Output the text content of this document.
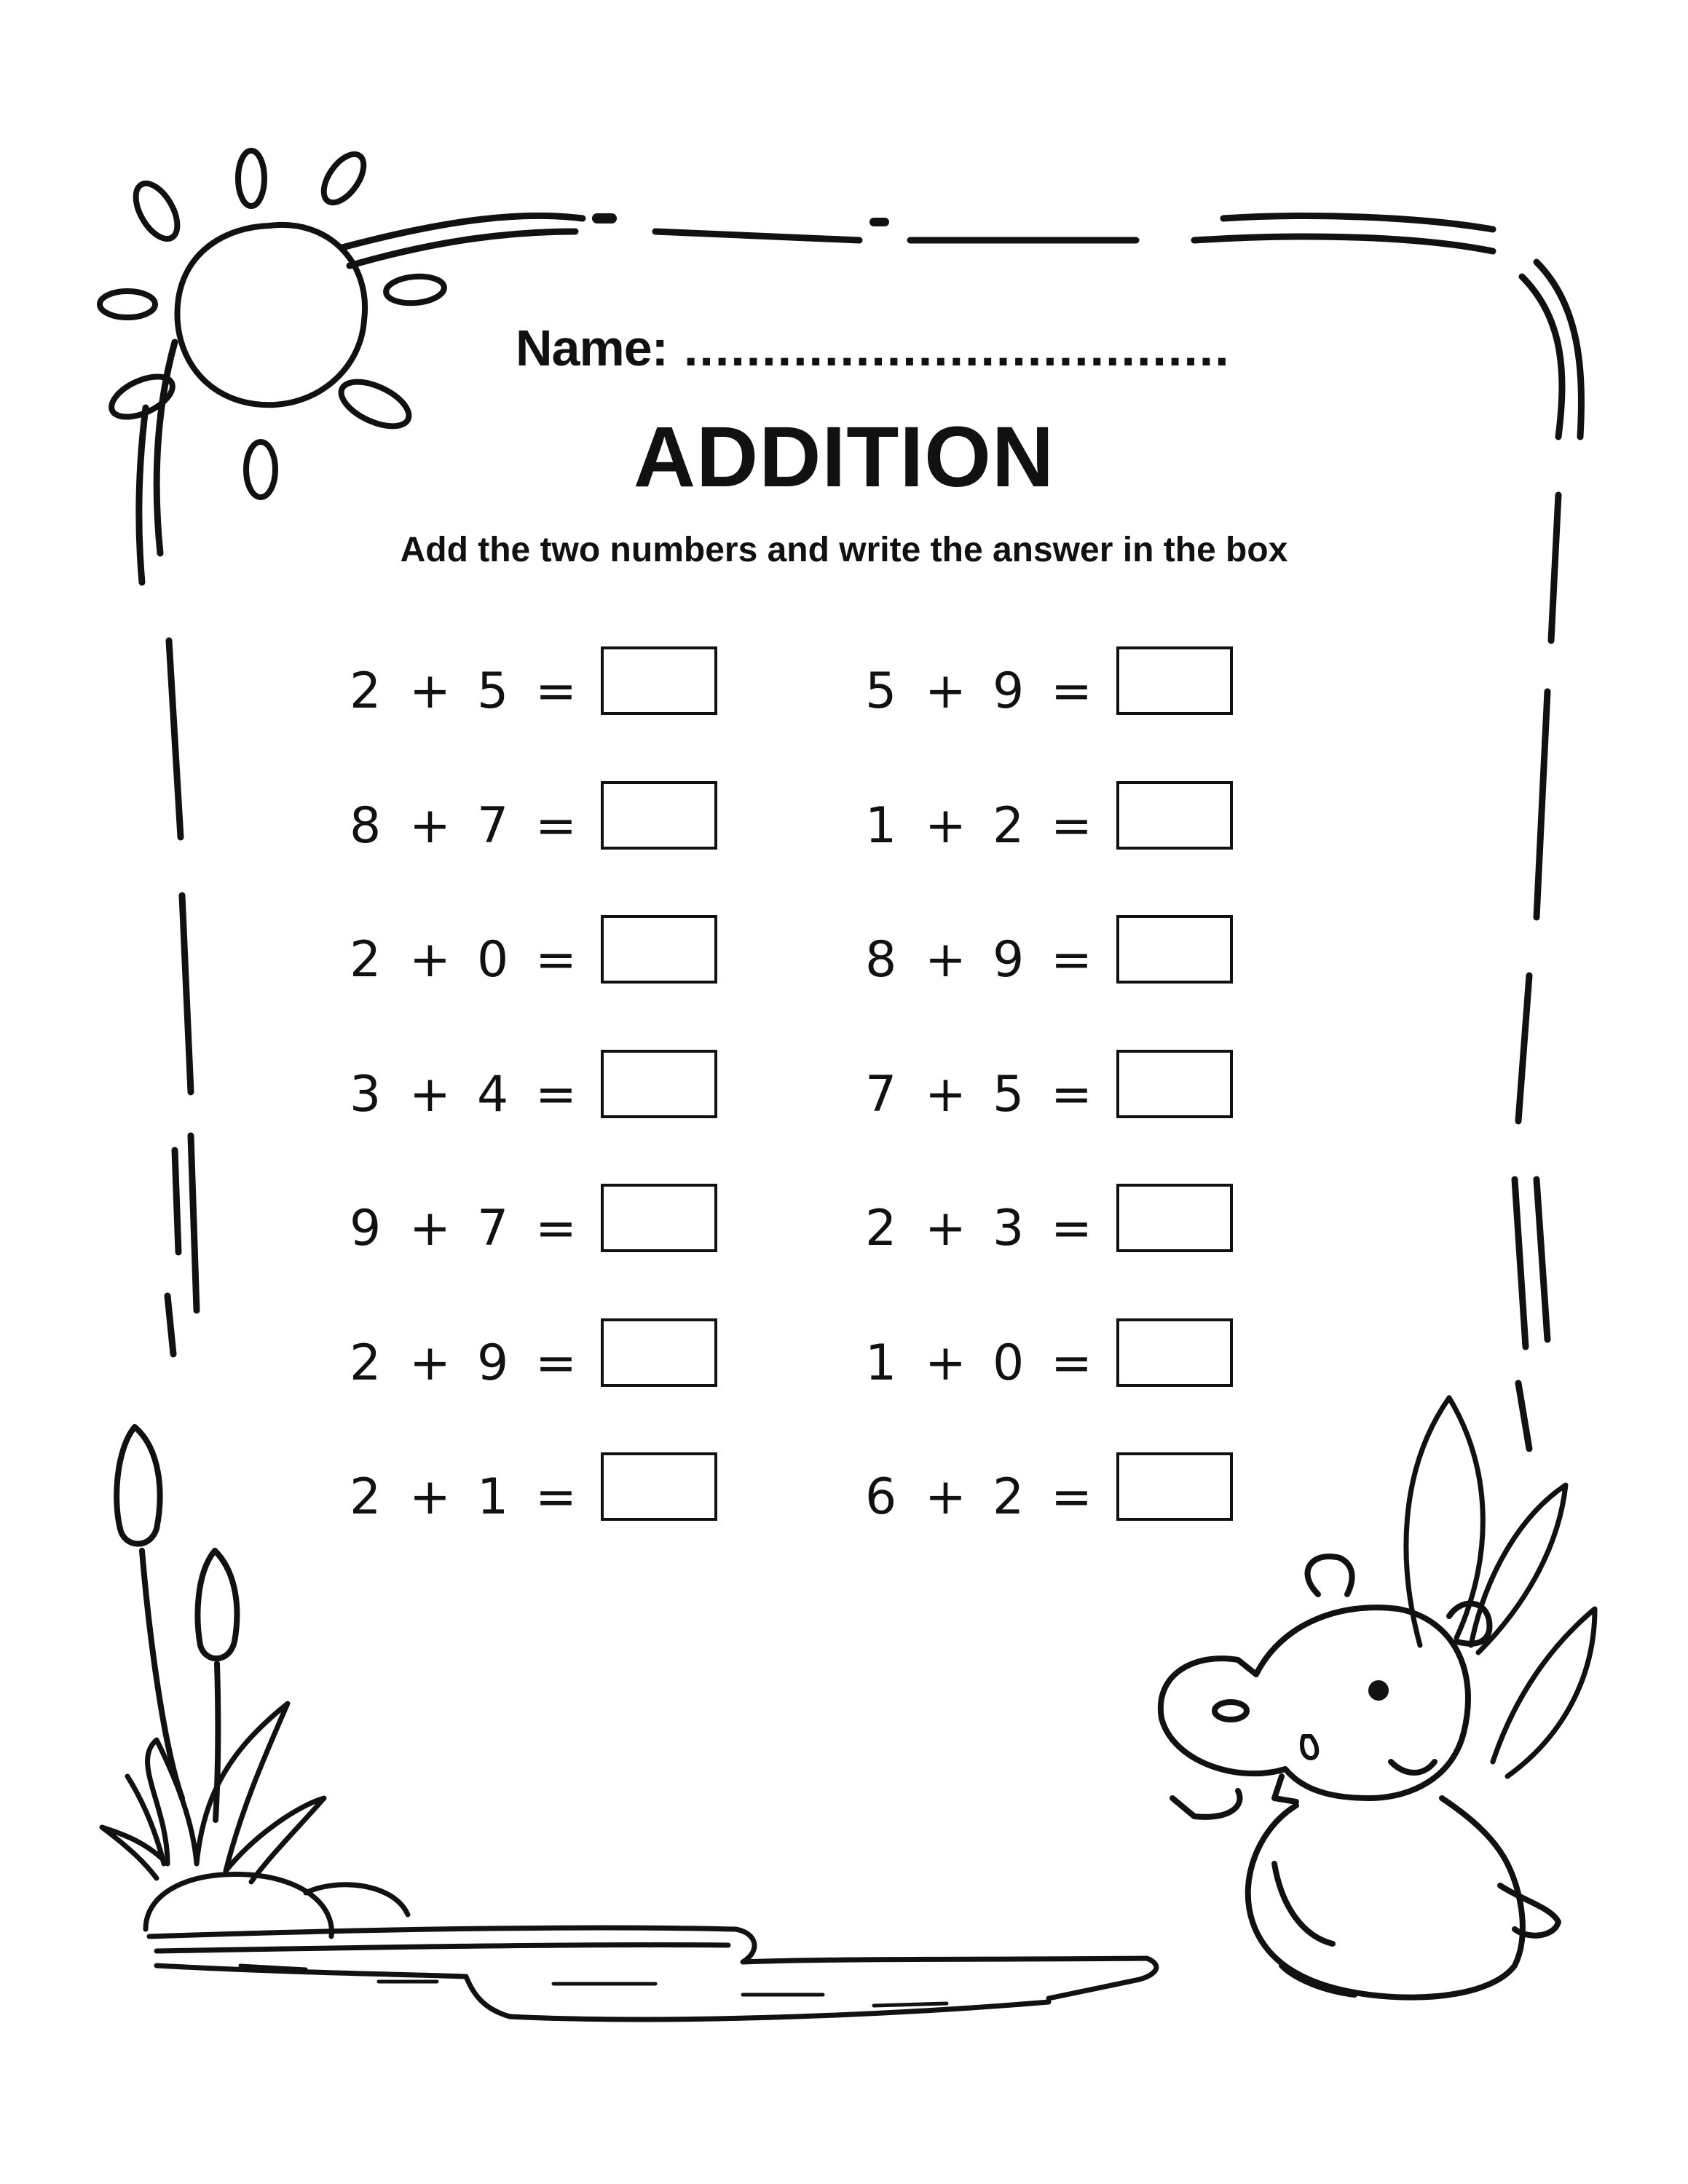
Name: ...................................
ADDITION
Add the two numbers and write the answer in the box
2 + 5 =
8 + 7 =
2 + 0 =
3 + 4 =
9 + 7 =
2 + 9 =
2 + 1 =
5 + 9 =
1 + 2 =
8 + 9 =
7 + 5 =
2 + 3 =
1 + 0 =
6 + 2 =
